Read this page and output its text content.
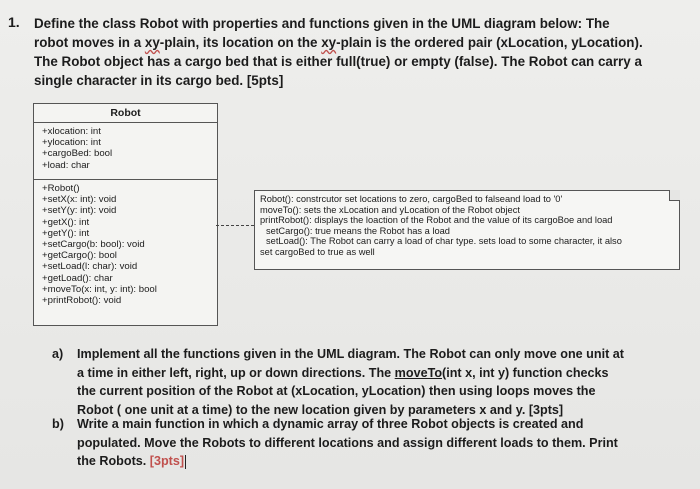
1. Define the class Robot with properties and functions given in the UML diagram below: The
robot moves in a xy-plain, its location on the xy-plain is the ordered pair (xLocation, yLocation).
The Robot object has a cargo bed that is either full(true) or empty (false). The Robot can carry a
single character in its cargo bed. [5pts]
Robot
+xlocation: int
+ylocation: int
+cargoBed: bool
+load: char
+Robot()
+setX(x: int): void
+setY(y: int): void
+getX(): int
+getY(): int
+setCargo(b: bool): void
+getCargo(): bool
+setLoad(l: char): void
+getLoad(): char
+moveTo(x: int, y: int): bool
+printRobot(): void
Robot(): constrcutor set locations to zero, cargoBed to falseand load to '0'
moveTo(): sets the xLocation and yLocation of the Robot object
printRobot(): displays the loaction of the Robot and the value of its cargoBoe and load
setCargo(): true means the Robot has a load
setLoad(): The Robot can carry a load of char type. sets load to some character, it also
set cargoBed to true as well
a)	Implement all the functions given in the UML diagram. The Robot can only move one unit at
a time in either left, right, up or down directions. The moveTo(int x, int y) function checks
the current position of the Robot at (xLocation, yLocation) then using loops moves the
Robot ( one unit at a time) to the new location given by parameters x and y. [3pts]
b)	Write a main function in which a dynamic array of three Robot objects is created and
populated. Move the Robots to different locations and assign different loads to them. Print
the Robots. [3pts]
